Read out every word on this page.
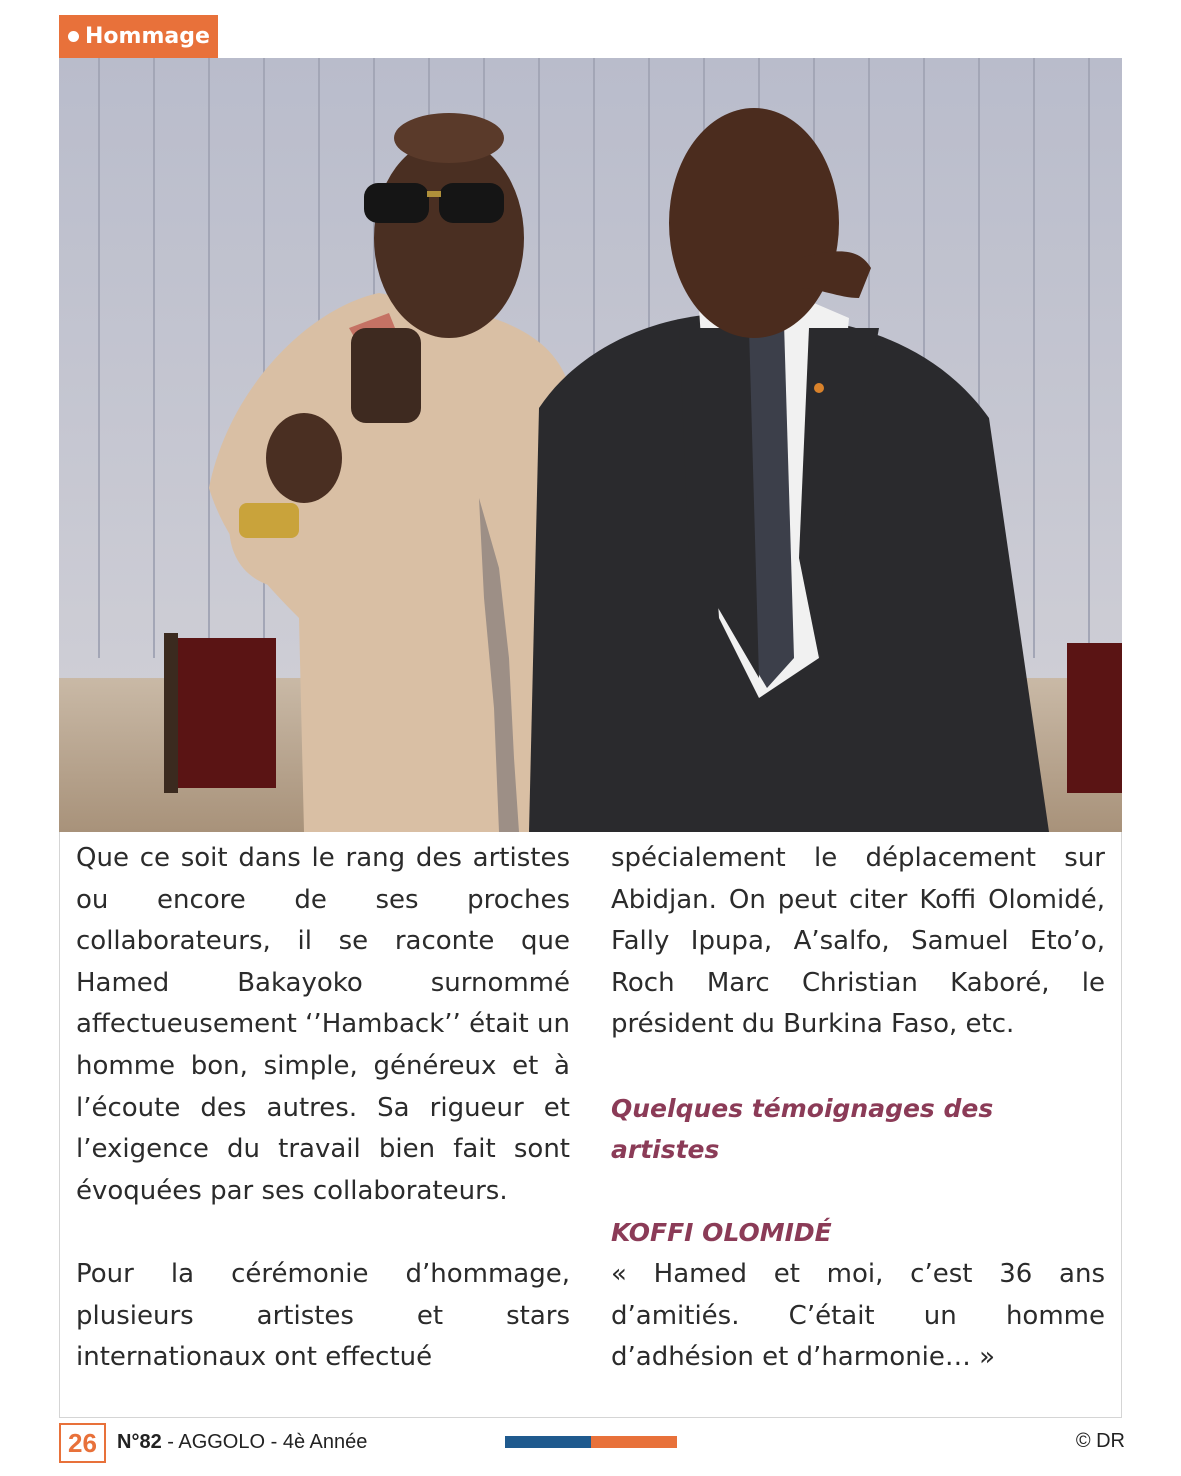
Hommage

Que ce soit dans le rang des artistes ou encore de ses proches collaborateurs, il se raconte que Hamed Bakayoko surnommé affectueusement ‘’Hamback’’ était un homme bon, simple, généreux et à l’écoute des autres. Sa rigueur et l’exigence du travail bien fait sont évoquées par ses collaborateurs.

Pour la cérémonie d’hommage, plusieurs artistes et stars internationaux ont effectué

spécialement le déplacement sur Abidjan. On peut citer Koffi Olomidé, Fally Ipupa, A’salfo, Samuel Eto’o, Roch Marc Christian Kaboré, le président du Burkina Faso, etc.

Quelques témoignages des artistes

KOFFI OLOMIDÉ

« Hamed et moi, c’est 36 ans d’amitiés. C’était un homme d’adhésion et d’harmonie… »

26	N°82 - AGGOLO - 4è Année	© DR
